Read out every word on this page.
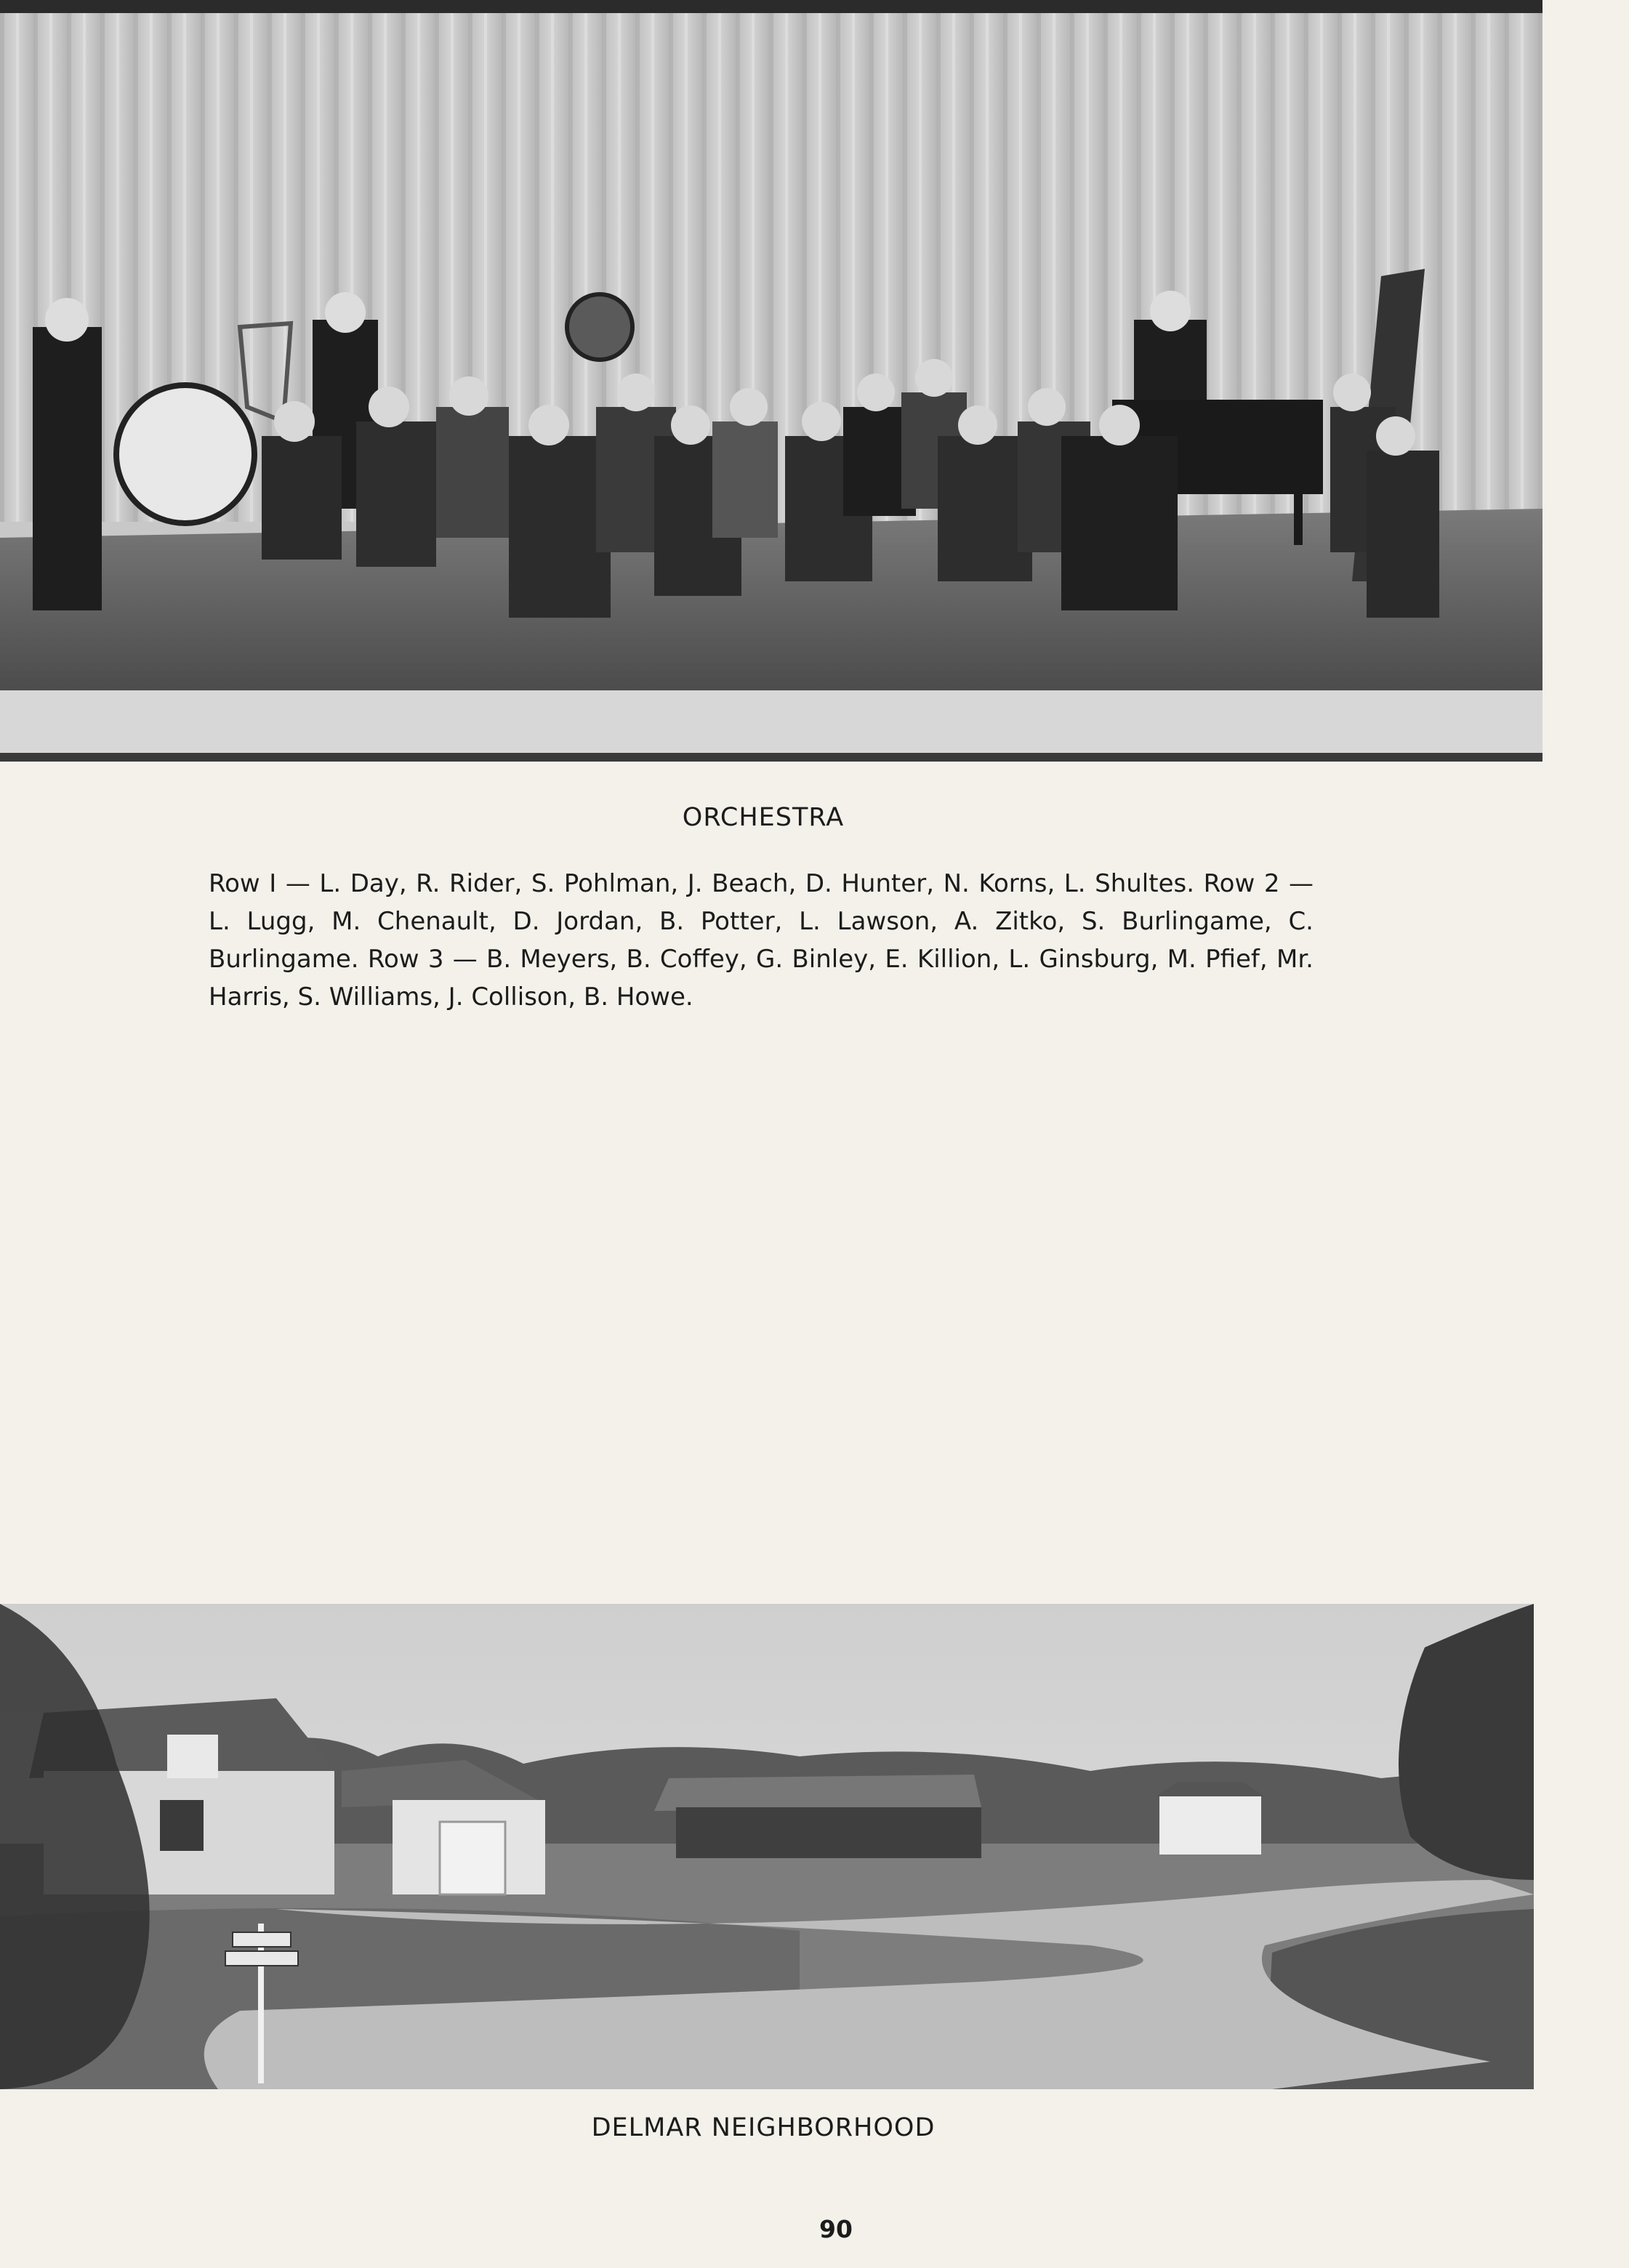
ORCHESTRA
Row I — L. Day, R. Rider, S. Pohlman, J. Beach, D. Hunter, N. Korns, L. Shultes. Row 2 — L. Lugg, M. Chenault, D. Jordan, B. Potter, L. Lawson, A. Zitko, S. Burlingame, C. Burlingame. Row 3 — B. Meyers, B. Coffey, G. Binley, E. Killion, L. Ginsburg, M. Pfief, Mr. Harris, S. Williams, J. Collison, B. Howe.
DELMAR NEIGHBORHOOD
90
